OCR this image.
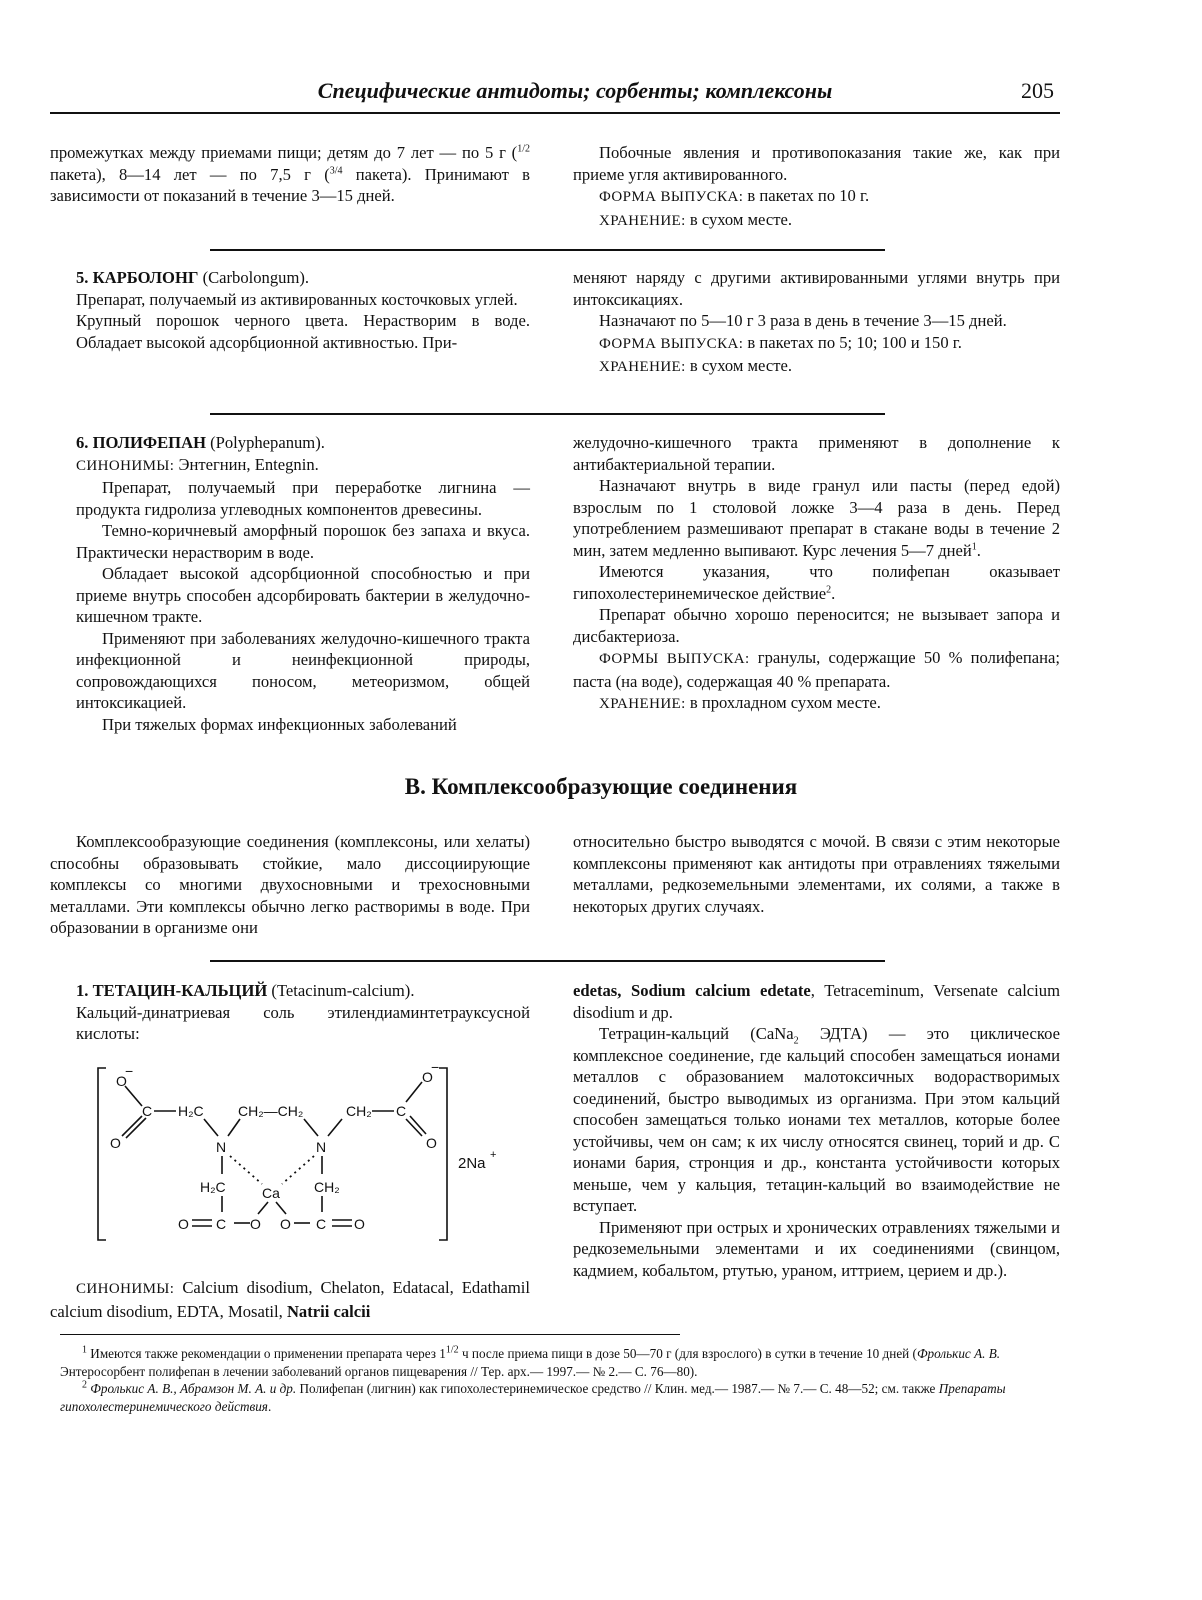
Специфические антидоты; сорбенты; комплексоны	205

промежутках между приемами пищи; детям до 7 лет — по 5 г ($^{1/2}$ пакета), 8—14 лет — по 7,5 г ($^{3/4}$ пакета). Принимают в зависимости от показаний в течение 3—15 дней.

Побочные явления и противопоказания такие же, как при приеме угля активированного.

ФОРМА ВЫПУСКА: в пакетах по 10 г.

ХРАНЕНИЕ: в сухом месте.

5. КАРБОЛОНГ (Carbolongum).

Препарат, получаемый из активированных косточковых углей.

Крупный порошок черного цвета. Нерастворим в воде. Обладает высокой адсорбционной активностью. При-

меняют наряду с другими активированными углями внутрь при интоксикациях.

Назначают по 5—10 г 3 раза в день в течение 3—15 дней.

ФОРМА ВЫПУСКА: в пакетах по 5; 10; 100 и 150 г.

ХРАНЕНИЕ: в сухом месте.

6. ПОЛИФЕПАН (Polyphepanum).

СИНОНИМЫ: Энтегнин, Entegnin.

Препарат, получаемый при переработке лигнина — продукта гидролиза углеводных компонентов древесины.

Темно-коричневый аморфный порошок без запаха и вкуса. Практически нерастворим в воде.

Обладает высокой адсорбционной способностью и при приеме внутрь способен адсорбировать бактерии в желудочно-кишечном тракте.

Применяют при заболеваниях желудочно-кишечного тракта инфекционной и неинфекционной природы, сопровождающихся поносом, метеоризмом, общей интоксикацией.

При тяжелых формах инфекционных заболеваний

желудочно-кишечного тракта применяют в дополнение к антибактериальной терапии.

Назначают внутрь в виде гранул или пасты (перед едой) взрослым по 1 столовой ложке 3—4 раза в день. Перед употреблением размешивают препарат в стакане воды в течение 2 мин, затем медленно выпивают. Курс лечения 5—7 дней$^1$.

Имеются указания, что полифепан оказывает гипохолестеринемическое действие$^2$.

Препарат обычно хорошо переносится; не вызывает запора и дисбактериоза.

ФОРМЫ ВЫПУСКА: гранулы, содержащие 50 % полифепана; паста (на воде), содержащая 40 % препарата.

ХРАНЕНИЕ: в прохладном сухом месте.

В. Комплексообразующие соединения

Комплексообразующие соединения (комплексоны, или хелаты) способны образовывать стойкие, мало диссоциирующие комплексы со многими двухосновными и трехосновными металлами. Эти комплексы обычно легко растворимы в воде. При образовании в организме они

относительно быстро выводятся с мочой. В связи с этим некоторые комплексоны применяют как антидоты при отравлениях тяжелыми металлами, редкоземельными элементами, их солями, а также в некоторых других случаях.

1. ТЕТАЦИН-КАЛЬЦИЙ (Tetacinum-calcium).

Кальций-динатриевая соль этилендиаминтетрауксусной кислоты:

O
−
C
O
H₂C CH₂—CH₂	CH₂ C
O
−
O
N	N
H₂C	Ca CH₂
O C O O C O
2Na +

СИНОНИМЫ: Calcium disodium, Chelaton, Edatacal, Edathamil calcium disodium, EDTA, Mosatil, Natrii calcii

edetas, Sodium calcium edetate, Tetraceminum, Versenate calcium disodium и др.

Тетрацин-кальций (CaNa$_2$ ЭДТА) — это циклическое комплексное соединение, где кальций способен замещаться ионами металлов с образованием малотоксичных водорастворимых соединений, быстро выводимых из организма. При этом кальций способен замещаться только ионами тех металлов, которые более устойчивы, чем он сам; к их числу относятся свинец, торий и др. С ионами бария, стронция и др., константа устойчивости которых меньше, чем у кальция, тетацин-кальций во взаимодействие не вступает.

Применяют при острых и хронических отравлениях тяжелыми и редкоземельными элементами и их соединениями (свинцом, кадмием, кобальтом, ртутью, ураном, иттрием, церием и др.).

$^1$ Имеются также рекомендации о применении препарата через $1^{1/2}$ ч после приема пищи в дозе 50—70 г (для взрослого) в сутки в течение 10 дней (Фролькис А. В. Энтеросорбент полифепан в лечении заболеваний органов пищеварения // Тер. арх.— 1997.— № 2.— С. 76—80).

$^2$ Фролькис А. В., Абрамзон М. А. и др. Полифепан (лигнин) как гипохолестеринемическое средство // Клин. мед.— 1987.— № 7.— С. 48—52; см. также Препараты гипохолестеринемического действия.
